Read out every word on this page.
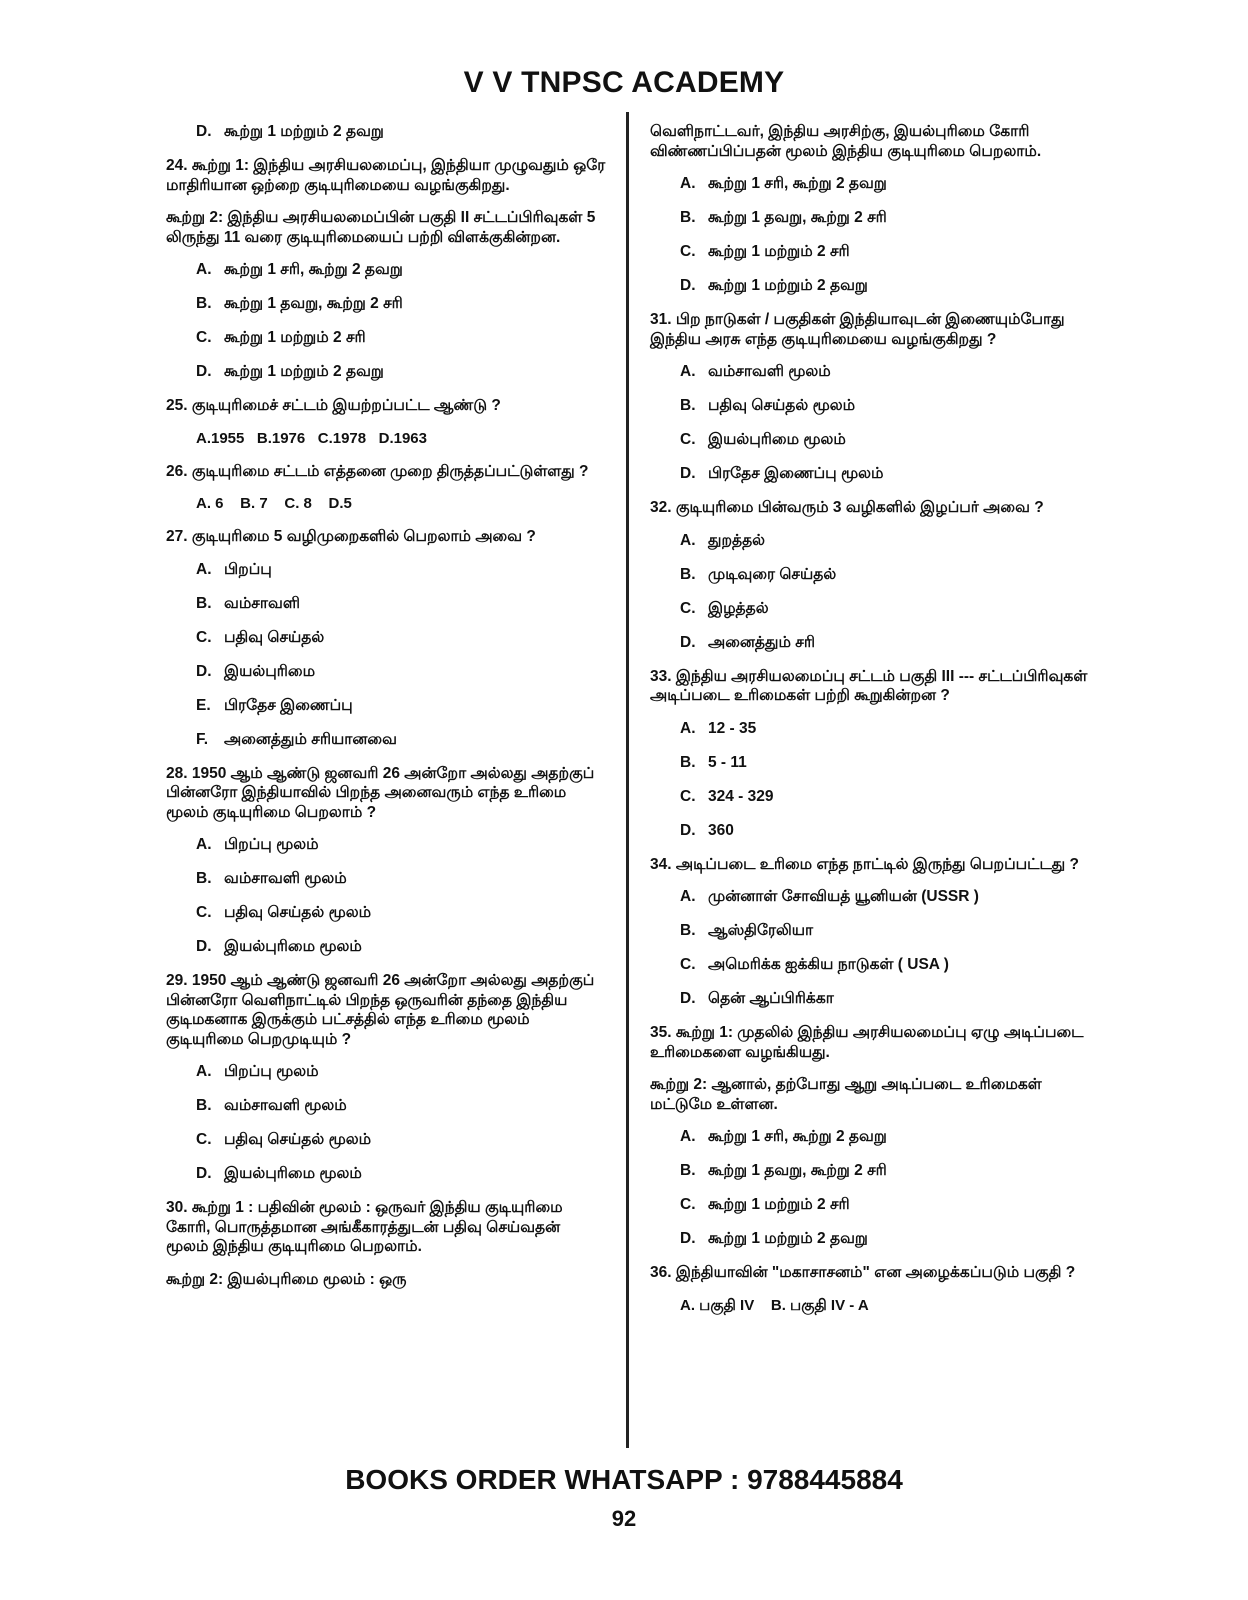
V V TNPSC ACADEMY
D. கூற்று 1 மற்றும் 2 தவறு
24. கூற்று 1: இந்திய அரசியலமைப்பு, இந்தியா முழுவதும் ஒரே மாதிரியான ஒற்றை குடியுரிமையை வழங்குகிறது.
கூற்று 2: இந்திய அரசியலமைப்பின் பகுதி II சட்டப்பிரிவுகள் 5 லிருந்து 11 வரை குடியுரிமையைப் பற்றி விளக்குகின்றன.
A. கூற்று 1 சரி, கூற்று 2 தவறு
B. கூற்று 1 தவறு, கூற்று 2 சரி
C. கூற்று 1 மற்றும் 2 சரி
D. கூற்று 1 மற்றும் 2 தவறு
25. குடியுரிமைச் சட்டம் இயற்றப்பட்ட ஆண்டு ?
A.1955   B.1976   C.1978   D.1963
26. குடியுரிமை சட்டம் எத்தனை முறை திருத்தப்பட்டுள்ளது ?
A. 6    B. 7    C. 8    D.5
27. குடியுரிமை 5 வழிமுறைகளில் பெறலாம் அவை ?
A. பிறப்பு
B. வம்சாவளி
C. பதிவு செய்தல்
D. இயல்புரிமை
E. பிரதேச இணைப்பு
F.	அனைத்தும் சரியானவை
28. 1950 ஆம் ஆண்டு ஜனவரி 26 அன்றோ அல்லது அதற்குப் பின்னரோ இந்தியாவில் பிறந்த அனைவரும் எந்த உரிமை மூலம் குடியுரிமை பெறலாம் ?
A. பிறப்பு மூலம்
B. வம்சாவளி மூலம்
C. பதிவு செய்தல் மூலம்
D. இயல்புரிமை மூலம்
29. 1950 ஆம் ஆண்டு ஜனவரி 26 அன்றோ அல்லது அதற்குப் பின்னரோ வெளிநாட்டில் பிறந்த ஒருவரின் தந்தை இந்திய குடிமகனாக இருக்கும் பட்சத்தில் எந்த உரிமை மூலம் குடியுரிமை பெறமுடியும் ?
A. பிறப்பு மூலம்
B. வம்சாவளி மூலம்
C. பதிவு செய்தல் மூலம்
D. இயல்புரிமை மூலம்
30. கூற்று 1 : பதிவின் மூலம் : ஒருவர் இந்திய குடியுரிமை கோரி, பொருத்தமான அங்கீகாரத்துடன் பதிவு செய்வதன் மூலம் இந்திய குடியுரிமை பெறலாம்.
கூற்று 2: இயல்புரிமை மூலம் : ஒரு
வெளிநாட்டவர், இந்திய அரசிற்கு, இயல்புரிமை கோரி விண்ணப்பிப்பதன் மூலம் இந்திய குடியுரிமை பெறலாம்.
A. கூற்று 1 சரி, கூற்று 2 தவறு
B. கூற்று 1 தவறு, கூற்று 2 சரி
C. கூற்று 1 மற்றும் 2 சரி
D. கூற்று 1 மற்றும் 2 தவறு
31. பிற நாடுகள் / பகுதிகள் இந்தியாவுடன் இணையும்போது இந்திய அரசு எந்த குடியுரிமையை வழங்குகிறது ?
A. வம்சாவளி மூலம்
B. பதிவு செய்தல் மூலம்
C. இயல்புரிமை மூலம்
D. பிரதேச இணைப்பு மூலம்
32. குடியுரிமை பின்வரும் 3 வழிகளில் இழப்பர் அவை ?
A. துறத்தல்
B. முடிவுரை செய்தல்
C. இழத்தல்
D. அனைத்தும் சரி
33. இந்திய அரசியலமைப்பு சட்டம் பகுதி III --- சட்டப்பிரிவுகள் அடிப்படை உரிமைகள் பற்றி கூறுகின்றன ?
A. 12 - 35
B. 5 - 11
C. 324 - 329
D. 360
34. அடிப்படை உரிமை எந்த நாட்டில் இருந்து பெறப்பட்டது ?
A. முன்னாள் சோவியத் யூனியன் (USSR )
B. ஆஸ்திரேலியா
C. அமெரிக்க ஐக்கிய நாடுகள் ( USA )
D. தென் ஆப்பிரிக்கா
35. கூற்று 1: முதலில் இந்திய அரசியலமைப்பு ஏழு அடிப்படை உரிமைகளை வழங்கியது.
கூற்று 2: ஆனால், தற்போது ஆறு அடிப்படை உரிமைகள் மட்டுமே உள்ளன.
A. கூற்று 1 சரி, கூற்று 2 தவறு
B. கூற்று 1 தவறு, கூற்று 2 சரி
C. கூற்று 1 மற்றும் 2 சரி
D. கூற்று 1 மற்றும் 2 தவறு
36. இந்தியாவின் "மகாசாசனம்" என அழைக்கப்படும் பகுதி ?
A. பகுதி IV    B. பகுதி IV - A
BOOKS ORDER WHATSAPP : 9788445884
92
